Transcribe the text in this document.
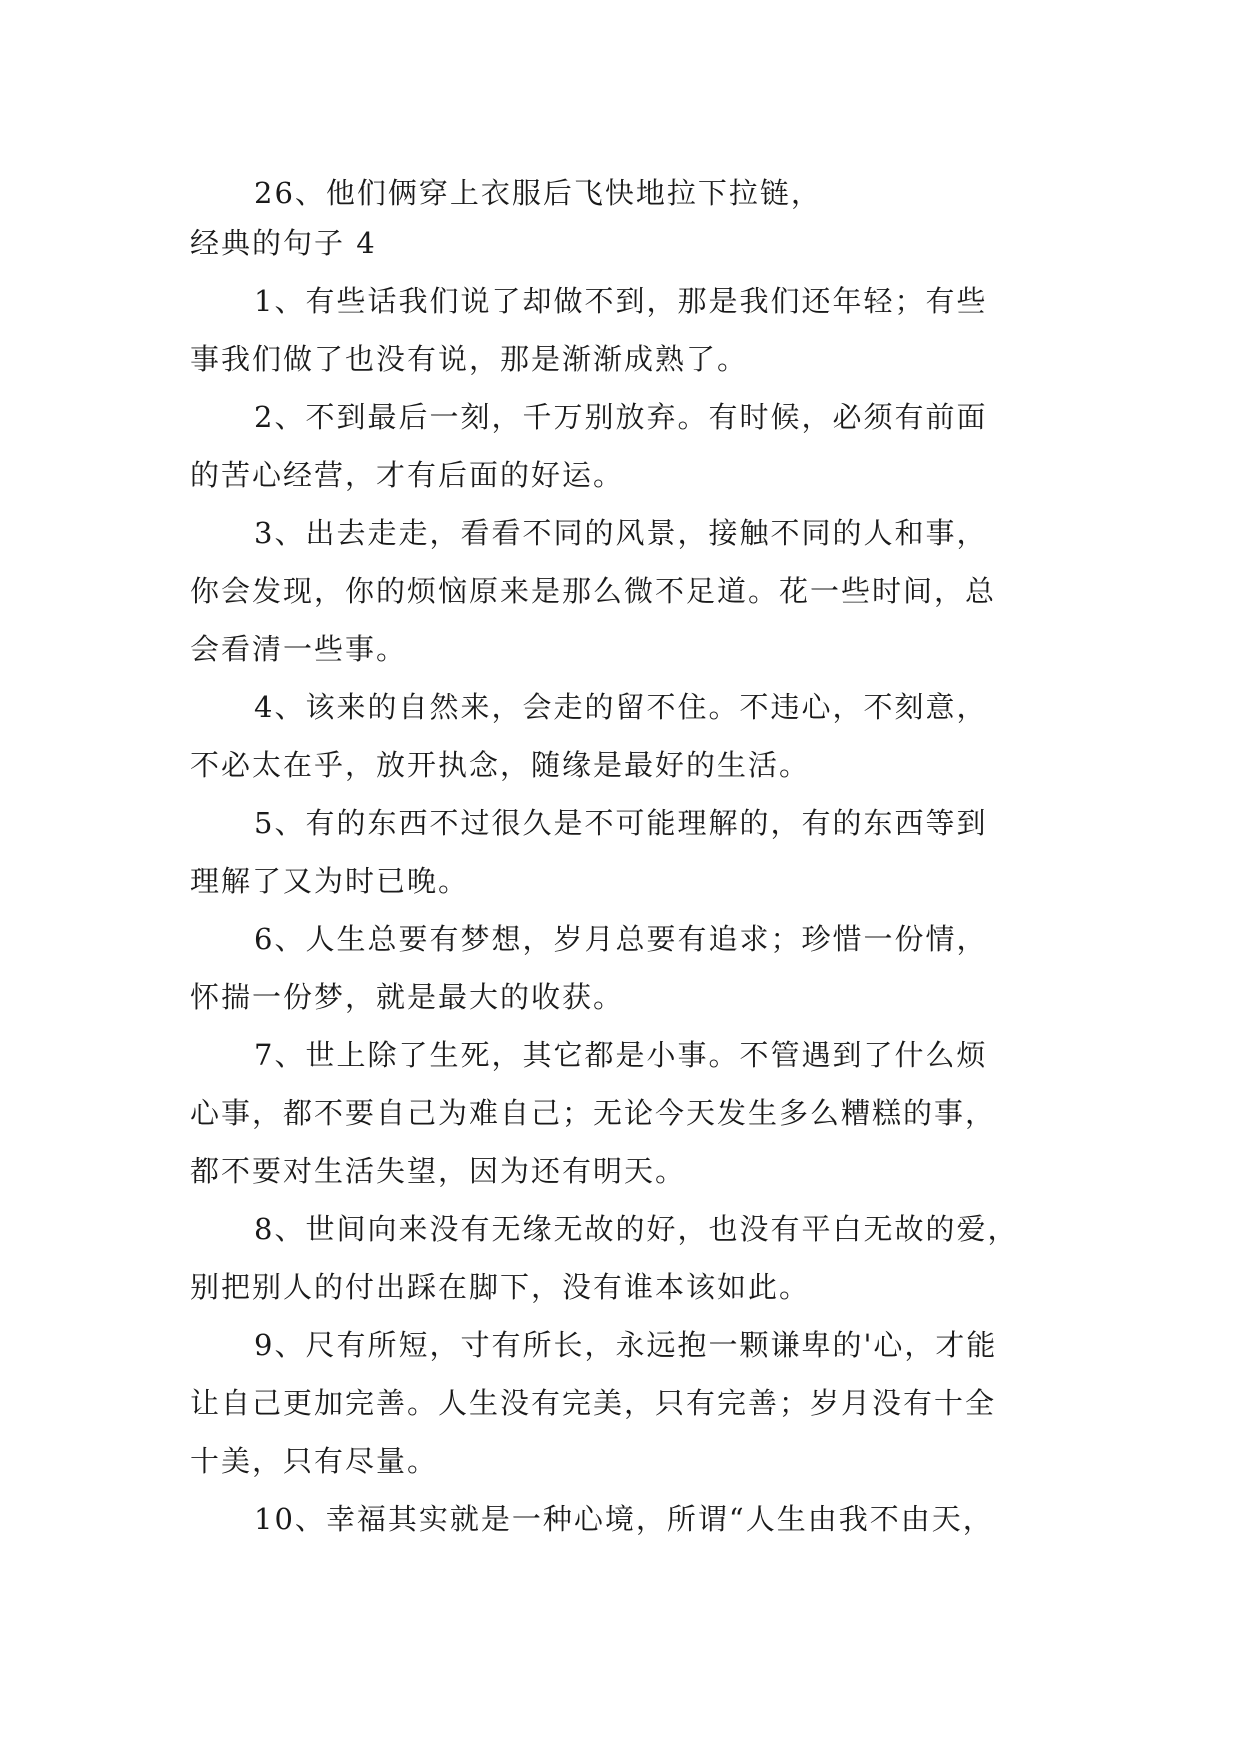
26、他们俩穿上衣服后飞快地拉下拉链，
经典的句子 4
1、有些话我们说了却做不到，那是我们还年轻；有些
事我们做了也没有说，那是渐渐成熟了。
2、不到最后一刻，千万别放弃。有时候，必须有前面
的苦心经营，才有后面的好运。
3、出去走走，看看不同的风景，接触不同的人和事，
你会发现，你的烦恼原来是那么微不足道。花一些时间，总
会看清一些事。
4、该来的自然来，会走的留不住。不违心，不刻意，
不必太在乎，放开执念，随缘是最好的生活。
5、有的东西不过很久是不可能理解的，有的东西等到
理解了又为时已晚。
6、人生总要有梦想，岁月总要有追求；珍惜一份情，
怀揣一份梦，就是最大的收获。
7、世上除了生死，其它都是小事。不管遇到了什么烦
心事，都不要自己为难自己；无论今天发生多么糟糕的事，
都不要对生活失望，因为还有明天。
8、世间向来没有无缘无故的好，也没有平白无故的爱，
别把别人的付出踩在脚下，没有谁本该如此。
9、尺有所短，寸有所长，永远抱一颗谦卑的'心，才能
让自己更加完善。人生没有完美，只有完善；岁月没有十全
十美，只有尽量。
10、幸福其实就是一种心境，所谓“人生由我不由天，
